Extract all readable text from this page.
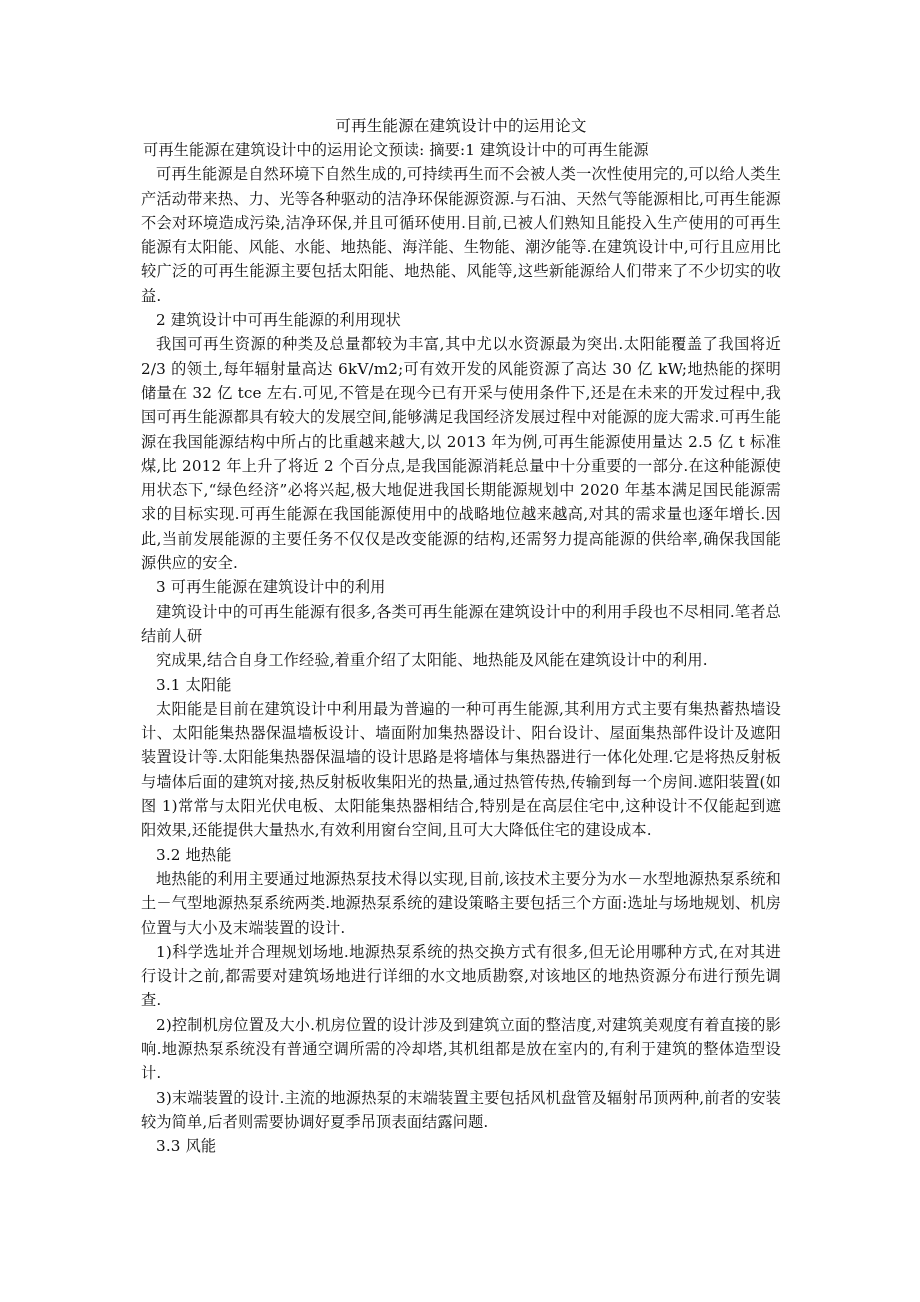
可再生能源在建筑设计中的运用论文

可再生能源在建筑设计中的运用论文预读: 摘要:1 建筑设计中的可再生能源

可再生能源是自然环境下自然生成的,可持续再生而不会被人类一次性使用完的,可以给人类生产活动带来热、力、光等各种驱动的洁净环保能源资源.与石油、天然气等能源相比,可再生能源不会对环境造成污染,洁净环保,并且可循环使用.目前,已被人们熟知且能投入生产使用的可再生能源有太阳能、风能、水能、地热能、海洋能、生物能、潮汐能等.在建筑设计中,可行且应用比较广泛的可再生能源主要包括太阳能、地热能、风能等,这些新能源给人们带来了不少切实的收益.

2 建筑设计中可再生能源的利用现状

我国可再生资源的种类及总量都较为丰富,其中尤以水资源最为突出.太阳能覆盖了我国将近 2/3 的领土,每年辐射量高达 6kV/m2;可有效开发的风能资源了高达 30 亿 kW;地热能的探明储量在 32 亿 tce 左右.可见,不管是在现今已有开采与使用条件下,还是在未来的开发过程中,我国可再生能源都具有较大的发展空间,能够满足我国经济发展过程中对能源的庞大需求.可再生能源在我国能源结构中所占的比重越来越大,以 2013 年为例,可再生能源使用量达 2.5 亿 t 标准煤,比 2012 年上升了将近 2 个百分点,是我国能源消耗总量中十分重要的一部分.在这种能源使用状态下,“绿色经济”必将兴起,极大地促进我国长期能源规划中 2020 年基本满足国民能源需求的目标实现.可再生能源在我国能源使用中的战略地位越来越高,对其的需求量也逐年增长.因此,当前发展能源的主要任务不仅仅是改变能源的结构,还需努力提高能源的供给率,确保我国能源供应的安全.

3 可再生能源在建筑设计中的利用

建筑设计中的可再生能源有很多,各类可再生能源在建筑设计中的利用手段也不尽相同.笔者总结前人研

究成果,结合自身工作经验,着重介绍了太阳能、地热能及风能在建筑设计中的利用.

3.1 太阳能

太阳能是目前在建筑设计中利用最为普遍的一种可再生能源,其利用方式主要有集热蓄热墙设计、太阳能集热器保温墙板设计、墙面附加集热器设计、阳台设计、屋面集热部件设计及遮阳装置设计等.太阳能集热器保温墙的设计思路是将墙体与集热器进行一体化处理.它是将热反射板与墙体后面的建筑对接,热反射板收集阳光的热量,通过热管传热,传输到每一个房间.遮阳装置(如图 1)常常与太阳光伏电板、太阳能集热器相结合,特别是在高层住宅中,这种设计不仅能起到遮阳效果,还能提供大量热水,有效利用窗台空间,且可大大降低住宅的建设成本.

3.2 地热能

地热能的利用主要通过地源热泵技术得以实现,目前,该技术主要分为水－水型地源热泵系统和土－气型地源热泵系统两类.地源热泵系统的建设策略主要包括三个方面:选址与场地规划、机房位置与大小及末端装置的设计.

1)科学选址并合理规划场地.地源热泵系统的热交换方式有很多,但无论用哪种方式,在对其进行设计之前,都需要对建筑场地进行详细的水文地质勘察,对该地区的地热资源分布进行预先调查.

2)控制机房位置及大小.机房位置的设计涉及到建筑立面的整洁度,对建筑美观度有着直接的影响.地源热泵系统没有普通空调所需的冷却塔,其机组都是放在室内的,有利于建筑的整体造型设计.

3)末端装置的设计.主流的地源热泵的末端装置主要包括风机盘管及辐射吊顶两种,前者的安装较为简单,后者则需要协调好夏季吊顶表面结露问题.

3.3 风能
